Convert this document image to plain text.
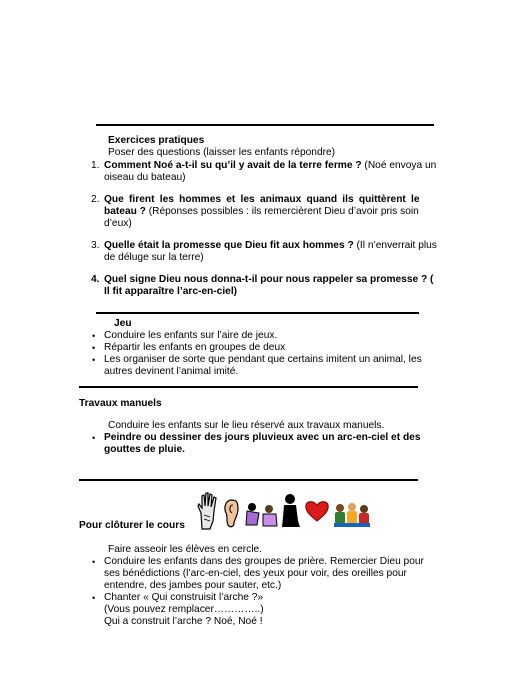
Exercices pratiques
Poser des questions (laisser les enfants répondre)
1. Comment Noé a-t-il su qu’il y avait de la terre ferme ? (Noé envoya un
oiseau du bateau)
2. Que firent les hommes et les animaux quand ils quittèrent le
bateau ? (Réponses possibles : ils remercièrent Dieu d’avoir pris soin
d’eux)
3. Quelle était la promesse que Dieu fit aux hommes ? (Il n’enverrait plus
de déluge sur la terre)
4. Quel signe Dieu nous donna-t-il pour nous rappeler sa promesse ? (
Il fit apparaître l’arc-en-ciel)
Jeu
• Conduire les enfants sur l’aire de jeux.
• Répartir les enfants en groupes de deux
• Les organiser de sorte que pendant que certains imitent un animal, les
autres devinent l’animal imité.
Travaux manuels
Conduire les enfants sur le lieu réservé aux travaux manuels.
• Peindre ou dessiner des jours pluvieux avec un arc-en-ciel et des
gouttes de pluie.
Pour clôturer le cours
Faire asseoir les élèves en cercle.
• Conduire les enfants dans des groupes de prière. Remercier Dieu pour
ses bénédictions (l’arc-en-ciel, des yeux pour voir, des oreilles pour
entendre, des jambes pour sauter, etc.)
• Chanter « Qui construisit l’arche ?»
(Vous pouvez remplacer…………..)
Qui a construit l’arche ? Noé, Noé !
